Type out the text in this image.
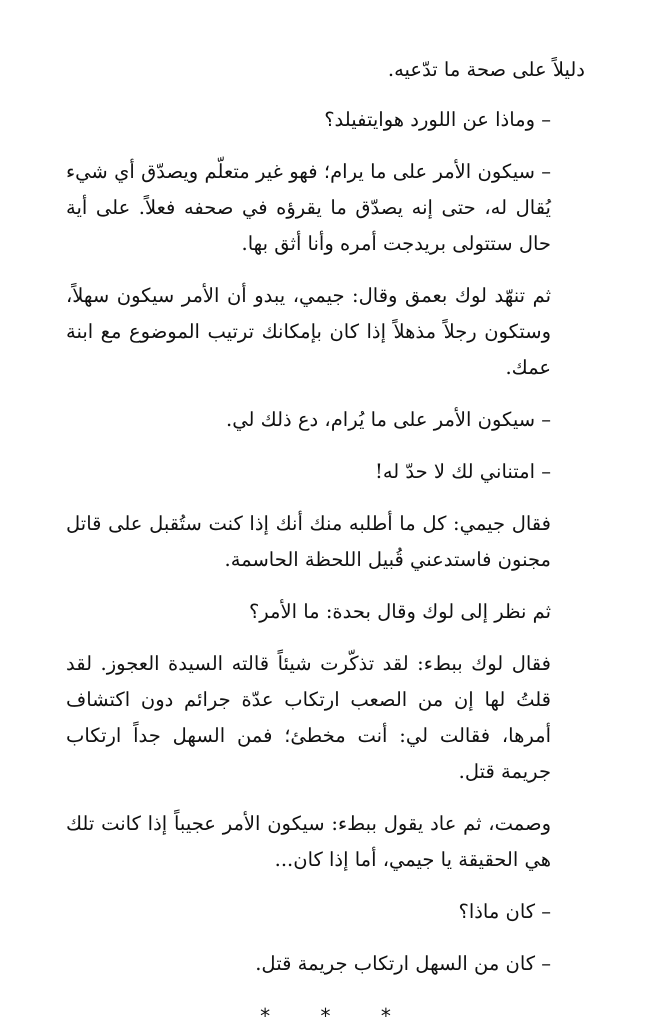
دليلاً على صحة ما تدّعيه.

– وماذا عن اللورد هوايتفيلد؟

– سيكون الأمر على ما يرام؛ فهو غير متعلّم ويصدّق أي شيء يُقال له، حتى إنه يصدّق ما يقرؤه في صحفه فعلاً. على أية حال ستتولى بريدجت أمره وأنا أثق بها.

ثم تنهّد لوك بعمق وقال: جيمي، يبدو أن الأمر سيكون سهلاً، وستكون رجلاً مذهلاً إذا كان بإمكانك ترتيب الموضوع مع ابنة عمك.

– سيكون الأمر على ما يُرام، دع ذلك لي.

– امتناني لك لا حدّ له!

فقال جيمي: كل ما أطلبه منك أنك إذا كنت ستُقبل على قاتل مجنون فاستدعني قُبيل اللحظة الحاسمة.

ثم نظر إلى لوك وقال بحدة: ما الأمر؟

فقال لوك ببطء: لقد تذكّرت شيئاً قالته السيدة العجوز. لقد قلتُ لها إن من الصعب ارتكاب عدّة جرائم دون اكتشاف أمرها، فقالت لي: أنت مخطئ؛ فمن السهل جداً ارتكاب جريمة قتل.

وصمت، ثم عاد يقول ببطء: سيكون الأمر عجيباً إذا كانت تلك هي الحقيقة يا جيمي، أما إذا كان...

– كان ماذا؟

– كان من السهل ارتكاب جريمة قتل.

* * *
